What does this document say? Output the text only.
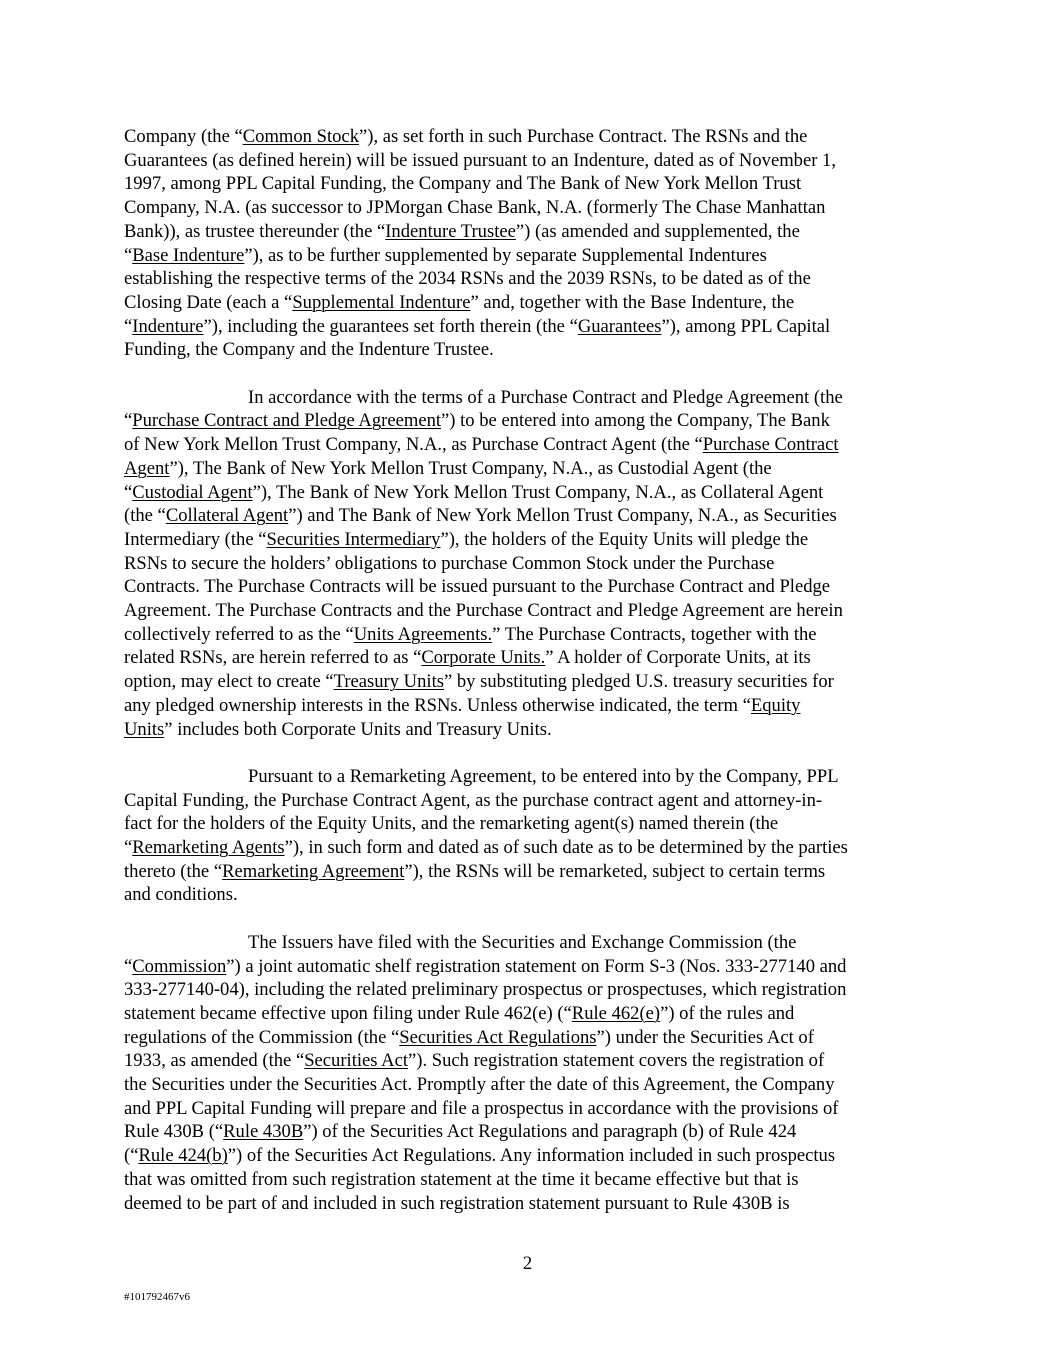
Company (the “Common Stock”), as set forth in such Purchase Contract. The RSNs and the
Guarantees (as defined herein) will be issued pursuant to an Indenture, dated as of November 1,
1997, among PPL Capital Funding, the Company and The Bank of New York Mellon Trust
Company, N.A. (as successor to JPMorgan Chase Bank, N.A. (formerly The Chase Manhattan
Bank)), as trustee thereunder (the “Indenture Trustee”) (as amended and supplemented, the
“Base Indenture”), as to be further supplemented by separate Supplemental Indentures
establishing the respective terms of the 2034 RSNs and the 2039 RSNs, to be dated as of the
Closing Date (each a “Supplemental Indenture” and, together with the Base Indenture, the
“Indenture”), including the guarantees set forth therein (the “Guarantees”), among PPL Capital
Funding, the Company and the Indenture Trustee.

In accordance with the terms of a Purchase Contract and Pledge Agreement (the
“Purchase Contract and Pledge Agreement”) to be entered into among the Company, The Bank
of New York Mellon Trust Company, N.A., as Purchase Contract Agent (the “Purchase Contract
Agent”), The Bank of New York Mellon Trust Company, N.A., as Custodial Agent (the
“Custodial Agent”), The Bank of New York Mellon Trust Company, N.A., as Collateral Agent
(the “Collateral Agent”) and The Bank of New York Mellon Trust Company, N.A., as Securities
Intermediary (the “Securities Intermediary”), the holders of the Equity Units will pledge the
RSNs to secure the holders’ obligations to purchase Common Stock under the Purchase
Contracts. The Purchase Contracts will be issued pursuant to the Purchase Contract and Pledge
Agreement. The Purchase Contracts and the Purchase Contract and Pledge Agreement are herein
collectively referred to as the “Units Agreements.” The Purchase Contracts, together with the
related RSNs, are herein referred to as “Corporate Units.” A holder of Corporate Units, at its
option, may elect to create “Treasury Units” by substituting pledged U.S. treasury securities for
any pledged ownership interests in the RSNs. Unless otherwise indicated, the term “Equity
Units” includes both Corporate Units and Treasury Units.

Pursuant to a Remarketing Agreement, to be entered into by the Company, PPL
Capital Funding, the Purchase Contract Agent, as the purchase contract agent and attorney-in-
fact for the holders of the Equity Units, and the remarketing agent(s) named therein (the
“Remarketing Agents”), in such form and dated as of such date as to be determined by the parties
thereto (the “Remarketing Agreement”), the RSNs will be remarketed, subject to certain terms
and conditions.

The Issuers have filed with the Securities and Exchange Commission (the
“Commission”) a joint automatic shelf registration statement on Form S-3 (Nos. 333-277140 and
333-277140-04), including the related preliminary prospectus or prospectuses, which registration
statement became effective upon filing under Rule 462(e) (“Rule 462(e)”) of the rules and
regulations of the Commission (the “Securities Act Regulations”) under the Securities Act of
1933, as amended (the “Securities Act”). Such registration statement covers the registration of
the Securities under the Securities Act. Promptly after the date of this Agreement, the Company
and PPL Capital Funding will prepare and file a prospectus in accordance with the provisions of
Rule 430B (“Rule 430B”) of the Securities Act Regulations and paragraph (b) of Rule 424
(“Rule 424(b)”) of the Securities Act Regulations. Any information included in such prospectus
that was omitted from such registration statement at the time it became effective but that is
deemed to be part of and included in such registration statement pursuant to Rule 430B is

2
#101792467v6
